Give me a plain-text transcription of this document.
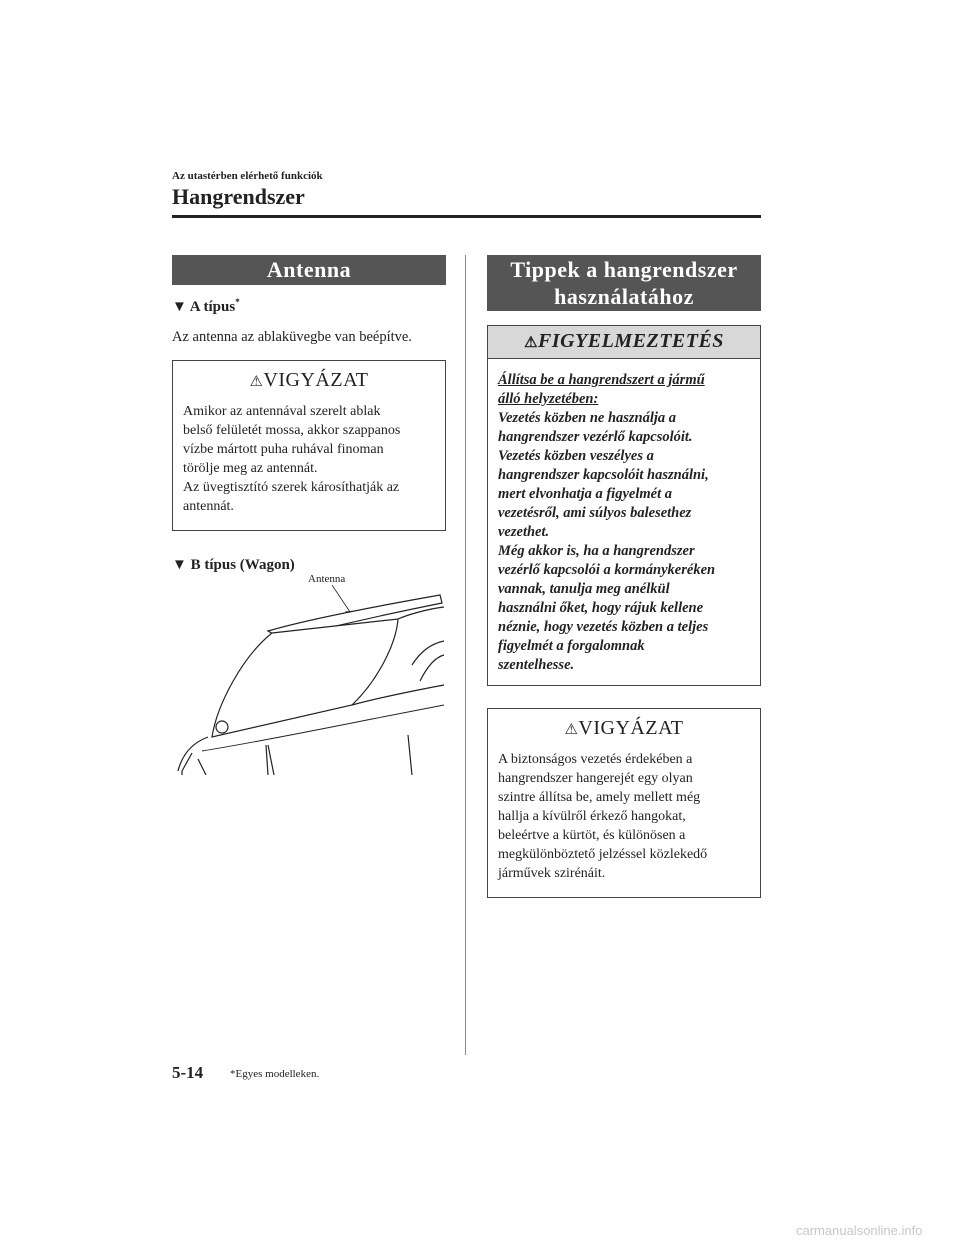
Az utastérben elérhető funkciók
Hangrendszer
Antenna
▼ A típus*
Az antenna az ablaküvegbe van beépítve.
⚠VIGYÁZAT
Amikor az antennával szerelt ablak
belső felületét mossa, akkor szappanos
vízbe mártott puha ruhával finoman
törölje meg az antennát.
Az üvegtisztító szerek károsíthatják az
antennát.
▼ B típus (Wagon)
Antenna
Tippek a hangrendszer
használatához
⚠FIGYELMEZTETÉS
Állítsa be a hangrendszert a jármű
álló helyzetében:
Vezetés közben ne használja a
hangrendszer vezérlő kapcsolóit.
Vezetés közben veszélyes a
hangrendszer kapcsolóit használni,
mert elvonhatja a figyelmét a
vezetésről, ami súlyos balesethez
vezethet.
Még akkor is, ha a hangrendszer
vezérlő kapcsolói a kormánykeréken
vannak, tanulja meg anélkül
használni őket, hogy rájuk kellene
néznie, hogy vezetés közben a teljes
figyelmét a forgalomnak
szentelhesse.
⚠VIGYÁZAT
A biztonságos vezetés érdekében a
hangrendszer hangerejét egy olyan
szintre állítsa be, amely mellett még
hallja a kívülről érkező hangokat,
beleértve a kürtöt, és különösen a
megkülönböztető jelzéssel közlekedő
járművek szirénáit.
5-14 *Egyes modelleken.
carmanualsonline.info
